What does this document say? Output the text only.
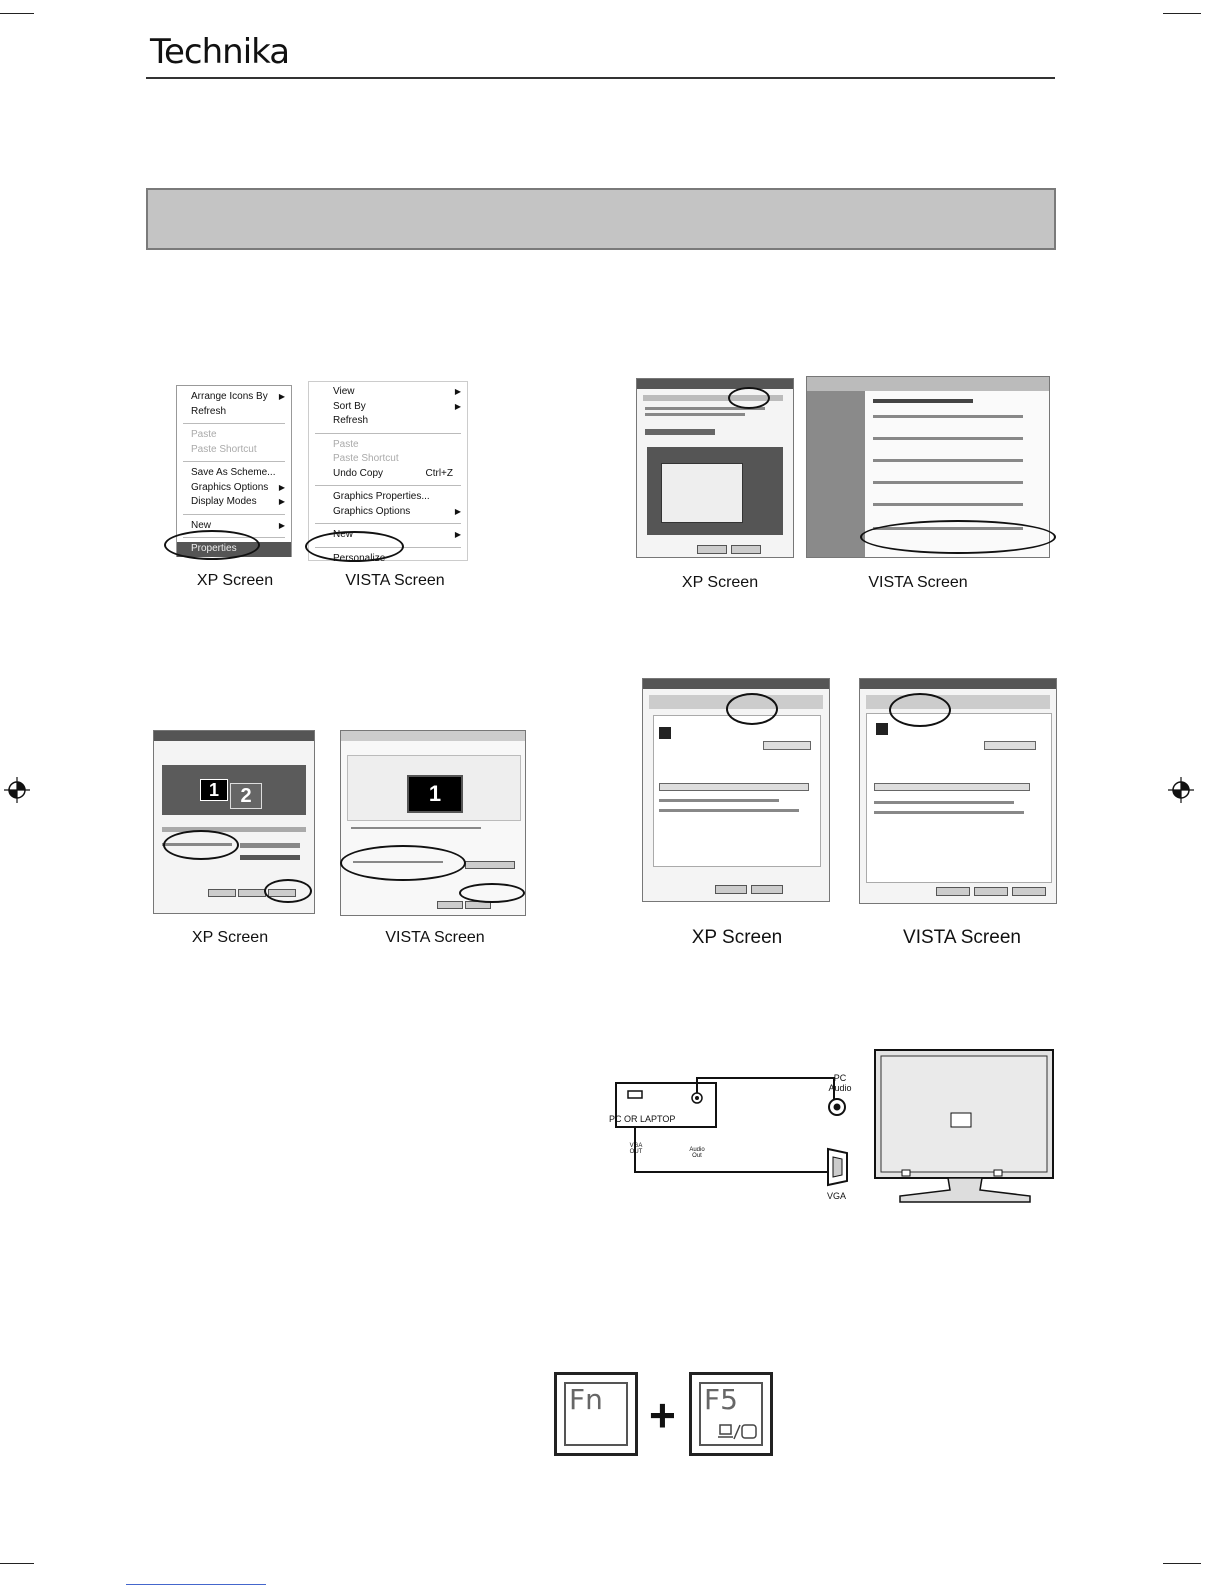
Technika
Arrange Icons By ▶
Refresh
Paste
Paste Shortcut
Save As Scheme...
Graphics Options ▶
Display Modes	▶
New	▶
Properties
View	▶
Sort By	▶
Refresh
Paste
Paste Shortcut
Undo Copy	Ctrl+Z
Graphics Properties...
Graphics Options	▶
New	▶
Personalize
XP Screen	VISTA Screen	XP Screen	VISTA Screen
1	2	1
XP Screen	VISTA Screen	XP Screen	VISTA Screen
PC OR LAPTOP
VGA OUT	Audio Out
PC Audio
VGA
Fn + F5
